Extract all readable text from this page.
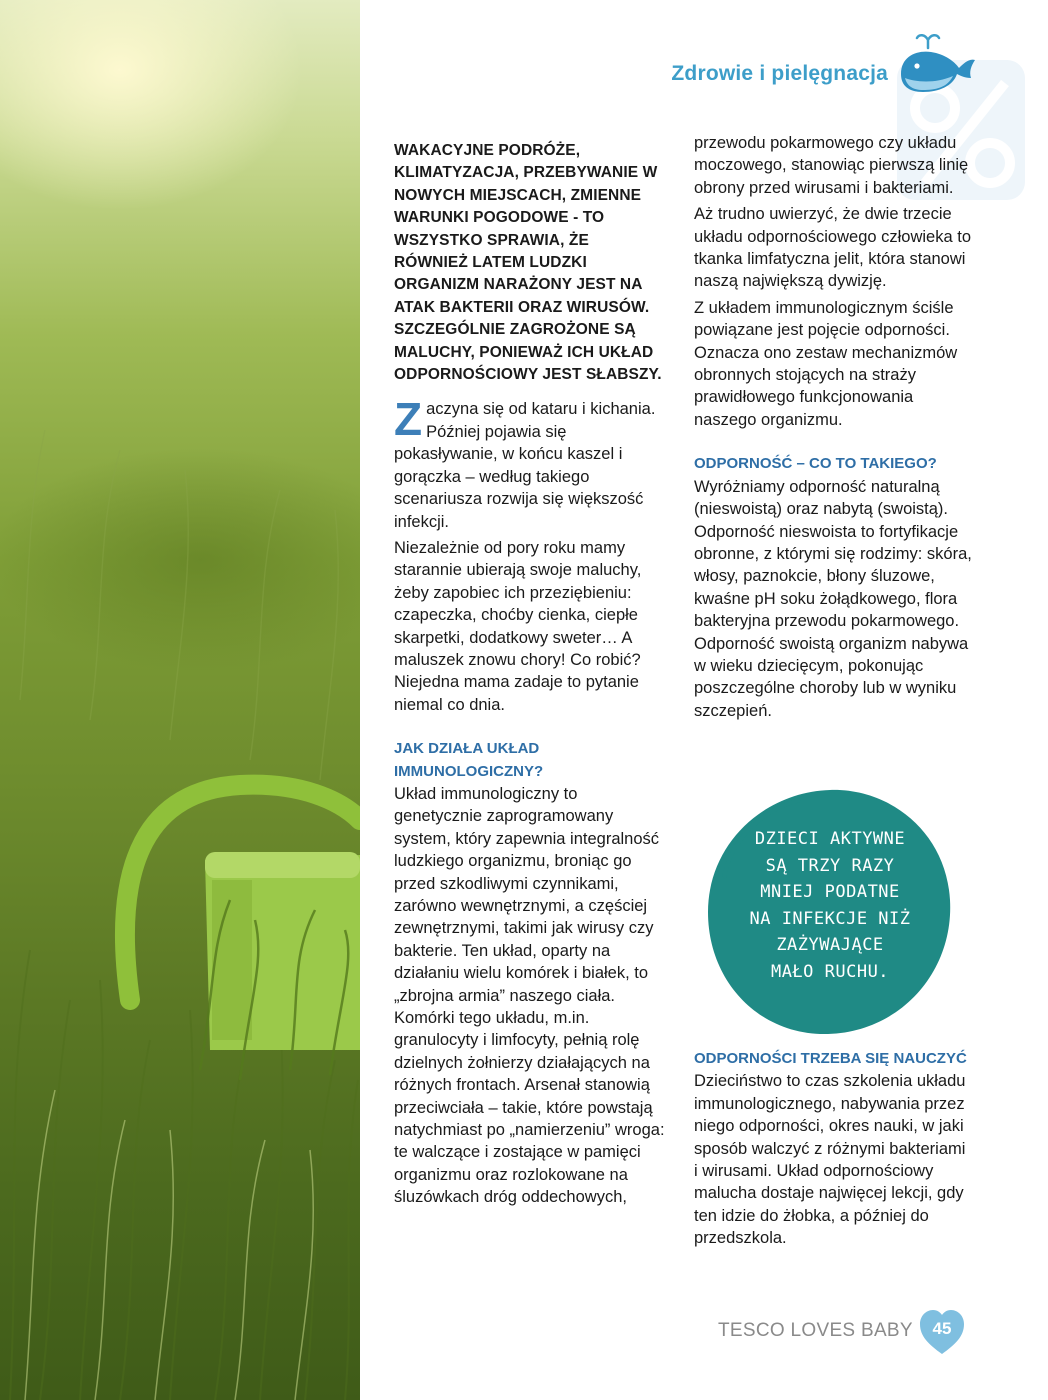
Zdrowie i pielęgnacja

WAKACYJNE PODRÓŻE, KLIMATYZACJA, PRZEBYWANIE W NOWYCH MIEJSCACH, ZMIENNE WARUNKI POGODOWE - TO WSZYSTKO SPRAWIA, ŻE RÓWNIEŻ LATEM LUDZKI ORGANIZM NARAŻONY JEST NA ATAK BAKTERII ORAZ WIRUSÓW. SZCZEGÓLNIE ZAGROŻONE SĄ MALUCHY, PONIEWAŻ ICH UKŁAD ODPORNOŚCIOWY JEST SŁABSZY.

Zaczyna się od kataru i kichania. Później pojawia się pokasływanie, w końcu kaszel i gorączka – według takiego scenariusza rozwija się większość infekcji.

Niezależnie od pory roku mamy starannie ubierają swoje maluchy, żeby zapobiec ich przeziębieniu: czapeczka, choćby cienka, ciepłe skarpetki, dodatkowy sweter… A maluszek znowu chory! Co robić? Niejedna mama zadaje to pytanie niemal co dnia.

JAK DZIAŁA UKŁAD IMMUNOLOGICZNY?

Układ immunologiczny to genetycznie zaprogramowany system, który zapewnia integralność ludzkiego organizmu, broniąc go przed szkodliwymi czynnikami, zarówno wewnętrznymi, a częściej zewnętrznymi, takimi jak wirusy czy bakterie. Ten układ, oparty na działaniu wielu komórek i białek, to „zbrojna armia” naszego ciała. Komórki tego układu, m.in. granulocyty i limfocyty, pełnią rolę dzielnych żołnierzy działających na różnych frontach. Arsenał stanowią przeciwciała – takie, które powstają natychmiast po „namierzeniu” wroga: te walczące i zostające w pamięci organizmu oraz rozlokowane na śluzówkach dróg oddechowych,

przewodu pokarmowego czy układu moczowego, stanowiąc pierwszą linię obrony przed wirusami i bakteriami.

Aż trudno uwierzyć, że dwie trzecie układu odpornościowego człowieka to tkanka limfatyczna jelit, która stanowi naszą największą dywizję.

Z układem immunologicznym ściśle powiązane jest pojęcie odporności. Oznacza ono zestaw mechanizmów obronnych stojących na straży prawidłowego funkcjonowania naszego organizmu.

ODPORNOŚĆ – CO TO TAKIEGO?

Wyróżniamy odporność naturalną (nieswoistą) oraz nabytą (swoistą). Odporność nieswoista to fortyfikacje obronne, z którymi się rodzimy: skóra, włosy, paznokcie, błony śluzowe, kwaśne pH soku żołądkowego, flora bakteryjna przewodu pokarmowego. Odporność swoistą organizm nabywa w wieku dziecięcym, pokonując poszczególne choroby lub w wyniku szczepień.

DZIECI AKTYWNE
SĄ TRZY RAZY
MNIEJ PODATNE
NA INFEKCJE NIŻ
ZAŻYWAJĄCE
MAŁO RUCHU.
ODPORNOŚCI TRZEBA SIĘ NAUCZYĆ

Dzieciństwo to czas szkolenia układu immunologicznego, nabywania przez niego odporności, okres nauki, w jaki sposób walczyć z różnymi bakteriami i wirusami. Układ odpornościowy malucha dostaje najwięcej lekcji, gdy ten idzie do żłobka, a później do przedszkola.

TESCO LOVES BABY	45
